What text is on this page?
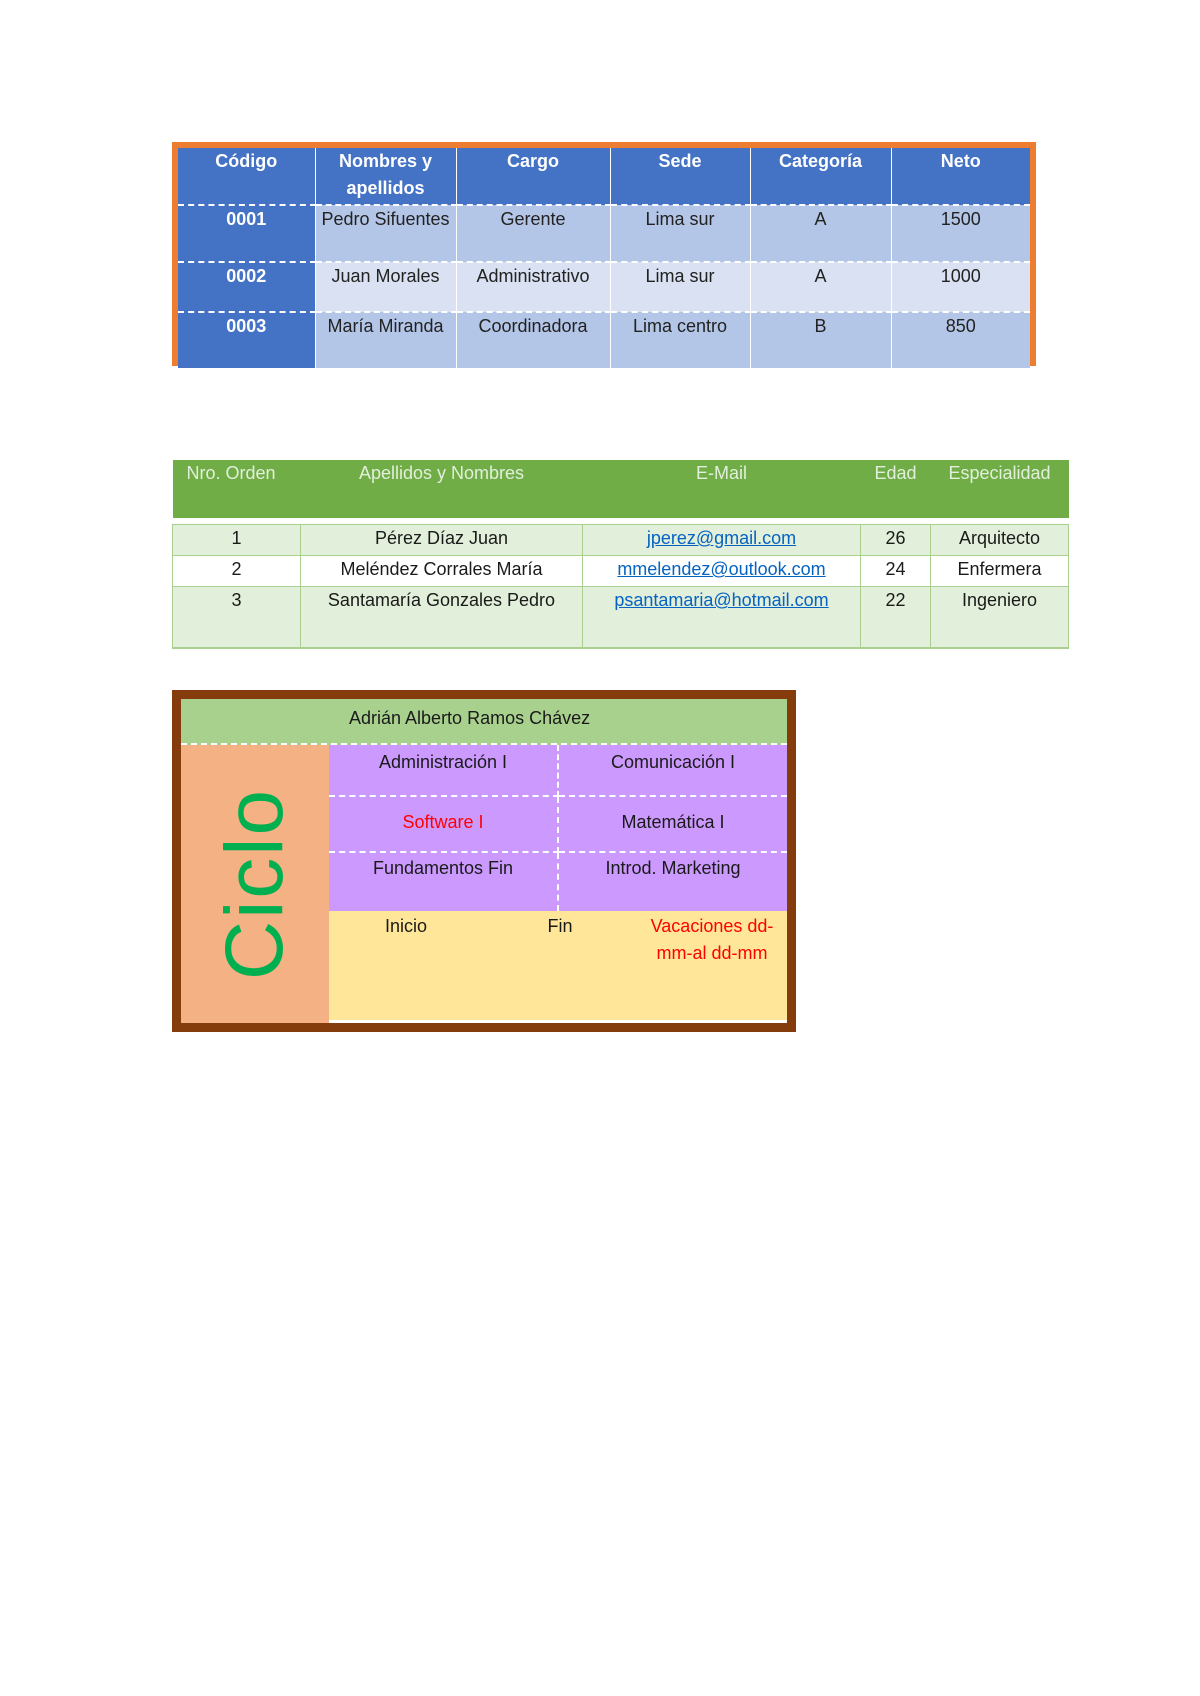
Código	Nombres y apellidos	Cargo	Sede	Categoría	Neto
0001	Pedro Sifuentes	Gerente	Lima sur	A	1500
0002	Juan Morales	Administrativo	Lima sur	A	1000
0003	María Miranda	Coordinadora	Lima centro	B	850
Nro. Orden	Apellidos y Nombres	E-Mail	Edad	Especialidad

1	Pérez Díaz Juan	jperez@gmail.com	26	Arquitecto
2	Meléndez Corrales María	mmelendez@outlook.com	24	Enfermera
3	Santamaría Gonzales Pedro	psantamaria@hotmail.com	22	Ingeniero
Adrián Alberto Ramos Chávez
Ciclo
Administración I	Comunicación I
Software I	Matemática I
Fundamentos Fin	Introd. Marketing
Inicio	Fin	Vacaciones dd-mm-al dd-mm
